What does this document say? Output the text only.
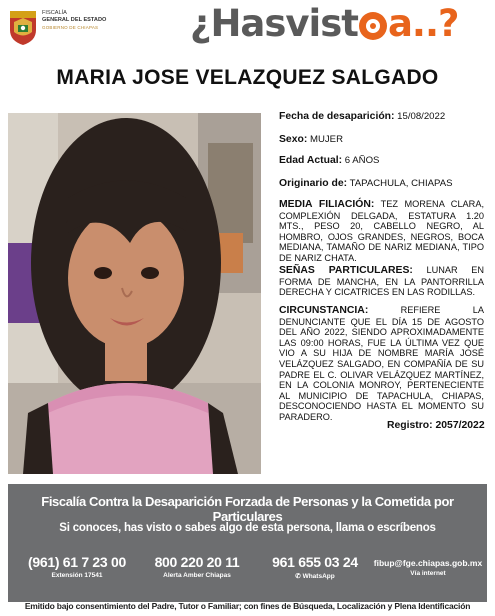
FISCALÍA
GENERAL DEL ESTADO
GOBIERNO DE CHIAPAS ¿Hasvist a..?
MARIA JOSE VELAZQUEZ SALGADO

Fecha de desaparición: 15/08/2022

Sexo: MUJER

Edad Actual: 6 AÑOS

Originario de: TAPACHULA, CHIAPAS

MEDIA FILIACIÓN: TEZ MORENA CLARA, COMPLEXIÓN DELGADA, ESTATURA 1.20 MTS., PESO 20, CABELLO NEGRO, AL HOMBRO, OJOS GRANDES, NEGROS, BOCA MEDIANA, TAMAÑO DE NARIZ MEDIANA, TIPO DE NARIZ CHATA.

SEÑAS PARTICULARES: LUNAR EN FORMA DE MANCHA, EN LA PANTORRILLA DERECHA Y CICATRICES EN LAS RODILLAS.

CIRCUNSTANCIA:	REFIERE LA DENUNCIANTE QUE EL DÍA 15 DE AGOSTO DEL AÑO 2022, SIENDO APROXIMADAMENTE LAS 09:00 HORAS, FUE LA ÚLTIMA VEZ QUE VIO A SU HIJA DE NOMBRE MARÍA JOSÉ VELÁZQUEZ SALGADO, EN COMPAÑÍA DE SU PADRE EL C. OLIVAR VELÁZQUEZ MARTÍNEZ, EN LA COLONIA MONROY, PERTENECIENTE AL MUNICIPIO DE TAPACHULA, CHIAPAS, DESCONOCIENDO HASTA EL MOMENTO SU PARADERO.

Registro: 2057/2022
Fiscalía Contra la Desaparición Forzada de Personas y la Cometida por Particulares
Si conoces, has visto o sabes algo de esta persona, llama o escríbenos
(961) 61 7 23 00
Extensión 17541
800 220 20 11
Alerta Amber Chiapas
961 655 03 24
✆ WhatsApp
fibup@fge.chiapas.gob.mx
Vía internet
Emitido bajo consentimiento del Padre, Tutor o Familiar; con fines de Búsqueda, Localización y Plena Identificación
